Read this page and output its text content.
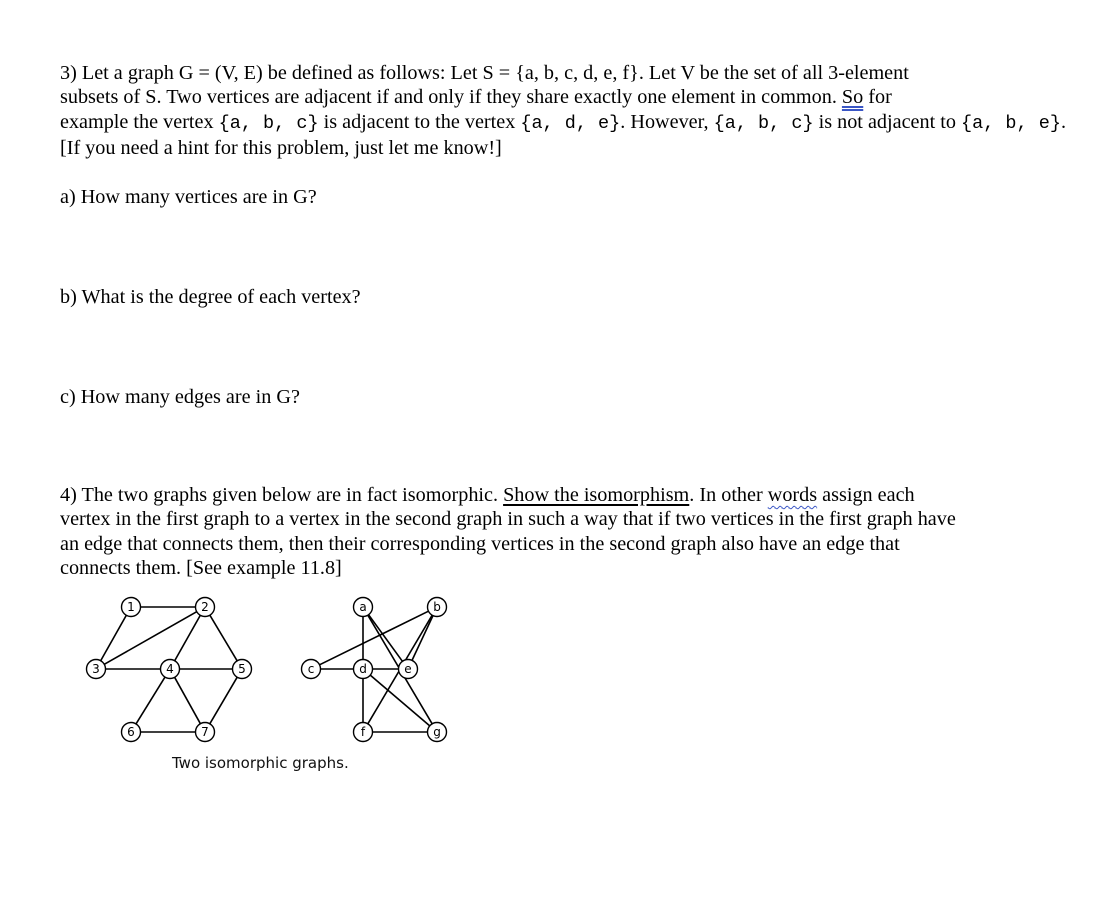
3) Let a graph G = (V, E) be defined as follows: Let S = {a, b, c, d, e, f}. Let V be the set of all 3-element
subsets of S. Two vertices are adjacent if and only if they share exactly one element in common. So for
example the vertex {a, b, c} is adjacent to the vertex {a, d, e}. However, {a, b, c} is not adjacent to {a, b, e}.
[If you need a hint for this problem, just let me know!]
a) How many vertices are in G?
b) What is the degree of each vertex?
c) How many edges are in G?
4) The two graphs given below are in fact isomorphic. Show the isomorphism. In other words assign each
vertex in the first graph to a vertex in the second graph in such a way that if two vertices in the first graph have
an edge that connects them, then their corresponding vertices in the second graph also have an edge that
connects them. [See example 11.8]
1	2
3	4	5
6	7
a	b
c	d	e
f	g
Two isomorphic graphs.
